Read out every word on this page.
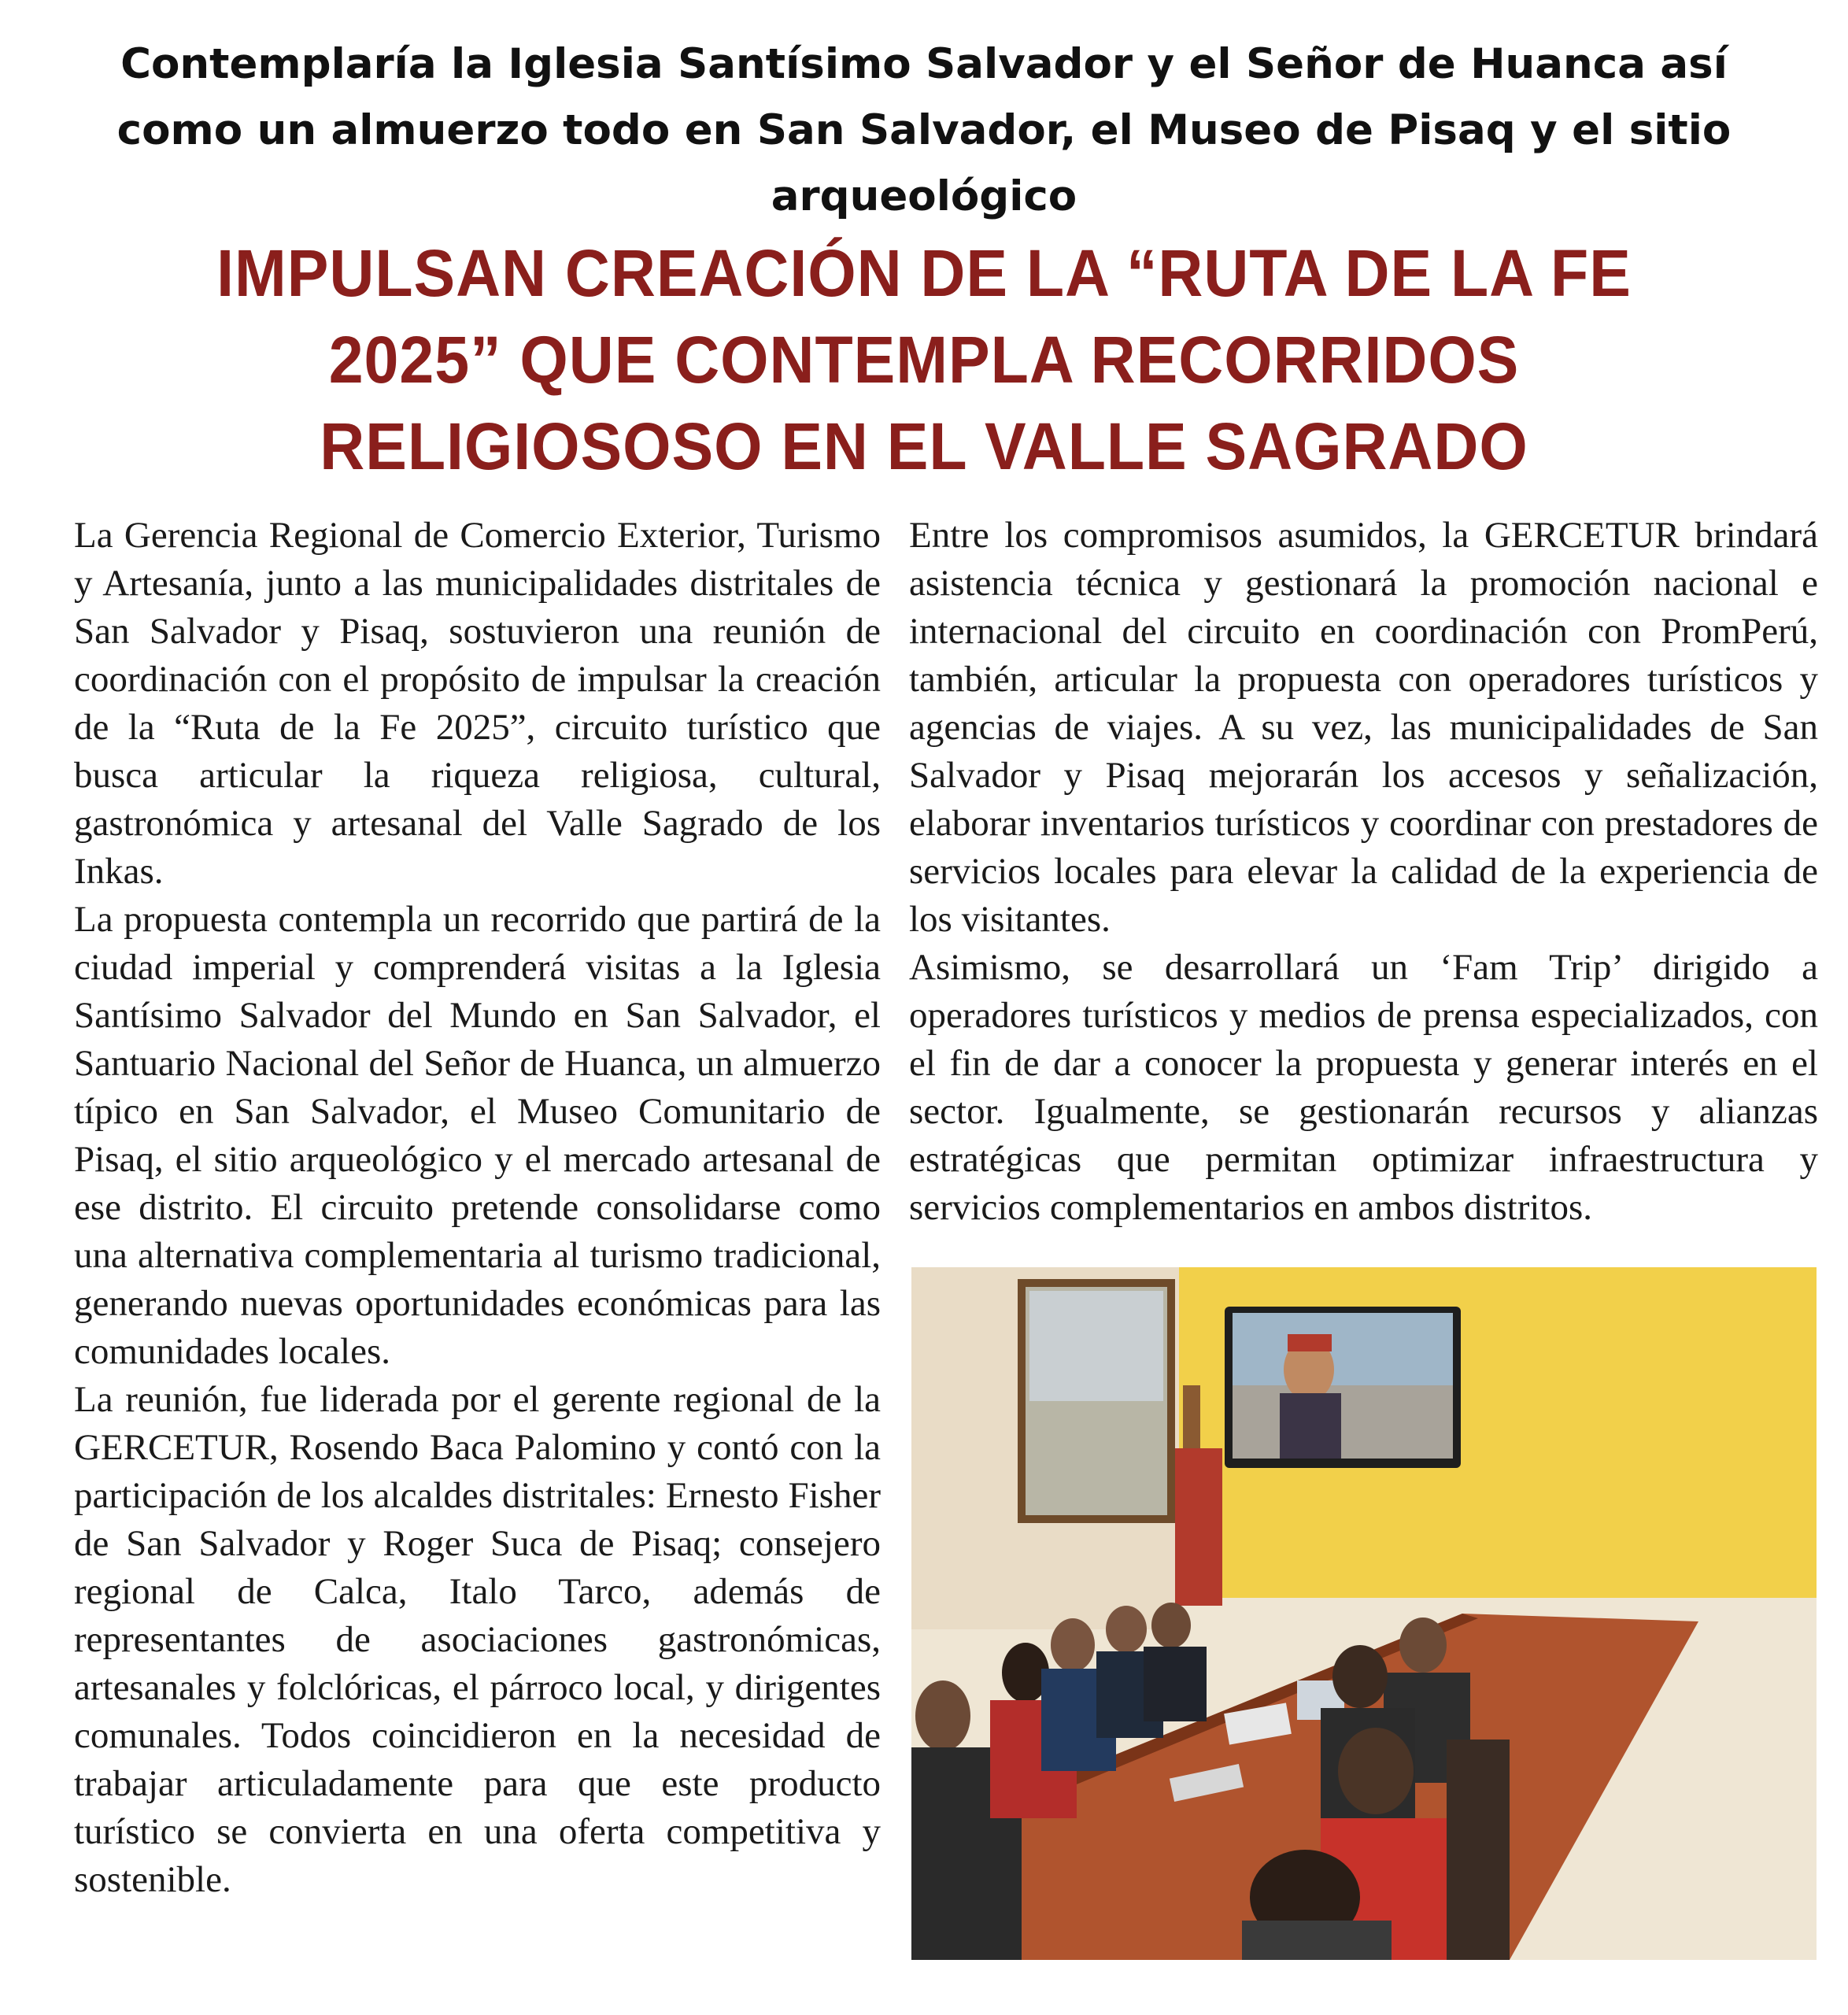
Contemplaría la Iglesia Santísimo Salvador y el Señor de Huanca así como un almuerzo todo en San Salvador, el Museo de Pisaq y el sitio arqueológico
IMPULSAN CREACIÓN DE LA “RUTA DE LA FE 2025” QUE CONTEMPLA RECORRIDOS RELIGIOSOSO EN EL VALLE SAGRADO

La Gerencia Regional de Comercio Exterior, Turismo y Artesanía, junto a las municipalidades distritales de San Salvador y Pisaq, sostuvieron una reunión de coordinación con el propósito de impulsar la creación de la “Ruta de la Fe 2025”, circuito turístico que busca articular la riqueza religiosa, cultural, gastronómica y artesanal del Valle Sagrado de los Inkas.

La propuesta contempla un recorrido que partirá de la ciudad imperial y comprenderá visitas a la Iglesia Santísimo Salvador del Mundo en San Salvador, el Santuario Nacional del Señor de Huanca, un almuerzo típico en San Salvador, el Museo Comunitario de Pisaq, el sitio arqueológico y el mercado artesanal de ese distrito. El circuito pretende consolidarse como una alternativa complementaria al turismo tradicional, generando nuevas oportunidades económicas para las comunidades locales.

La reunión, fue liderada por el gerente regional de la GERCETUR, Rosendo Baca Palomino y contó con la participación de los alcaldes distritales: Ernesto Fisher de San Salvador y Roger Suca de Pisaq; consejero regional de Calca, Italo Tarco, además de representantes de asociaciones gastronómicas, artesanales y folclóricas, el párroco local, y dirigentes comunales. Todos coincidieron en la necesidad de trabajar articuladamente para que este producto turístico se convierta en una oferta competitiva y sostenible.

Entre los compromisos asumidos, la GERCETUR brindará asistencia técnica y gestionará la promoción nacional e internacional del circuito en coordinación con PromPerú, también, articular la propuesta con operadores turísticos y agencias de viajes. A su vez, las municipalidades de San Salvador y Pisaq mejorarán los accesos y señalización, elaborar inventarios turísticos y coordinar con prestadores de servicios locales para elevar la calidad de la experiencia de los visitantes.

Asimismo, se desarrollará un ‘Fam Trip’ dirigido a operadores turísticos y medios de prensa especializados, con el fin de dar a conocer la propuesta y generar interés en el sector. Igualmente, se gestionarán recursos y alianzas estratégicas que permitan optimizar infraestructura y servicios complementarios en ambos distritos.
